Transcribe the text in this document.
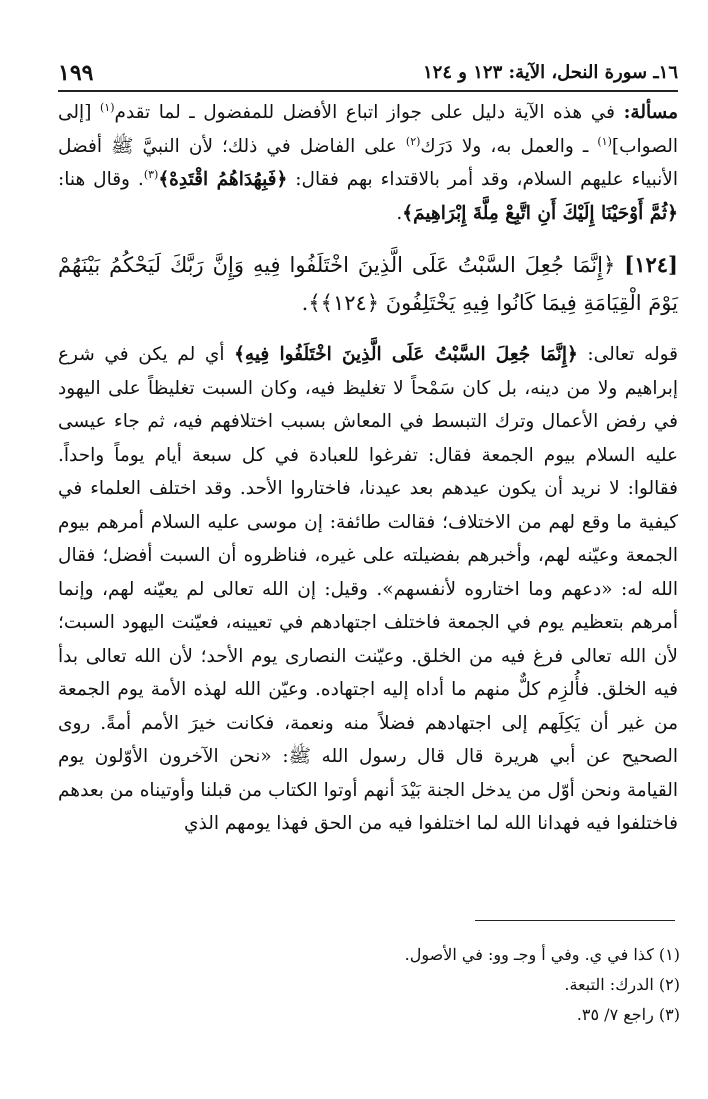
١٦ـ سورة النحل، الآية: ١٢٣ و ١٢٤
١٩٩

مسألة: في هذه الآية دليل على جواز اتباع الأفضل للمفضول ـ لما تقدم$^{(١)}$ [إلى الصواب]$^{(١)}$ ـ والعمل به، ولا دَرَك$^{(٢)}$ على الفاضل في ذلك؛ لأن النبيَّ ﷺ أفضل الأنبياء عليهم السلام، وقد أمر بالاقتداء بهم فقال: ﴿فَبِهُدَاهُمُ اقْتَدِهْ﴾$^{(٣)}$. وقال هنا: ﴿ثُمَّ أَوْحَيْنَا إِلَيْكَ أَنِ اتَّبِعْ مِلَّةَ إِبْرَاهِيمَ﴾.

[١٢٤] ﴿إِنَّمَا جُعِلَ السَّبْتُ عَلَى الَّذِينَ اخْتَلَفُوا فِيهِ وَإِنَّ رَبَّكَ لَيَحْكُمُ بَيْنَهُمْ يَوْمَ الْقِيَامَةِ فِيمَا كَانُوا فِيهِ يَخْتَلِفُونَ ﴿١٢٤﴾﴾.

قوله تعالى: ﴿إِنَّمَا جُعِلَ السَّبْتُ عَلَى الَّذِينَ اخْتَلَفُوا فِيهِ﴾ أي لم يكن في شرع إبراهيم ولا من دينه، بل كان سَمْحاً لا تغليظ فيه، وكان السبت تغليظاً على اليهود في رفض الأعمال وترك التبسط في المعاش بسبب اختلافهم فيه، ثم جاء عيسى عليه السلام بيوم الجمعة فقال: تفرغوا للعبادة في كل سبعة أيام يوماً واحداً. فقالوا: لا نريد أن يكون عيدهم بعد عيدنا، فاختاروا الأحد. وقد اختلف العلماء في كيفية ما وقع لهم من الاختلاف؛ فقالت طائفة: إن موسى عليه السلام أمرهم بيوم الجمعة وعيّنه لهم، وأخبرهم بفضيلته على غيره، فناظروه أن السبت أفضل؛ فقال الله له: «دعهم وما اختاروه لأنفسهم». وقيل: إن الله تعالى لم يعيّنه لهم، وإنما أمرهم بتعظيم يوم في الجمعة فاختلف اجتهادهم في تعيينه، فعيّنت اليهود السبت؛ لأن الله تعالى فرغ فيه من الخلق. وعيّنت النصارى يوم الأحد؛ لأن الله تعالى بدأ فيه الخلق. فأُلزِم كلٌّ منهم ما أداه إليه اجتهاده. وعيّن الله لهذه الأمة يوم الجمعة من غير أن يَكِلَهم إلى اجتهادهم فضلاً منه ونعمة، فكانت خيرَ الأمم أمةً. روى الصحيح عن أبي هريرة قال قال رسول الله ﷺ: «نحن الآخرون الأوّلون يوم القيامة ونحن أوّل من يدخل الجنة بَيْدَ أنهم أوتوا الكتاب من قبلنا وأوتيناه من بعدهم فاختلفوا فيه فهدانا الله لما اختلفوا فيه من الحق فهذا يومهم الذي

(١) كذا في ي. وفي أ وجـ وو: في الأصول.

(٢) الدرك: التبعة.

(٣) راجع ٧/ ٣٥.
